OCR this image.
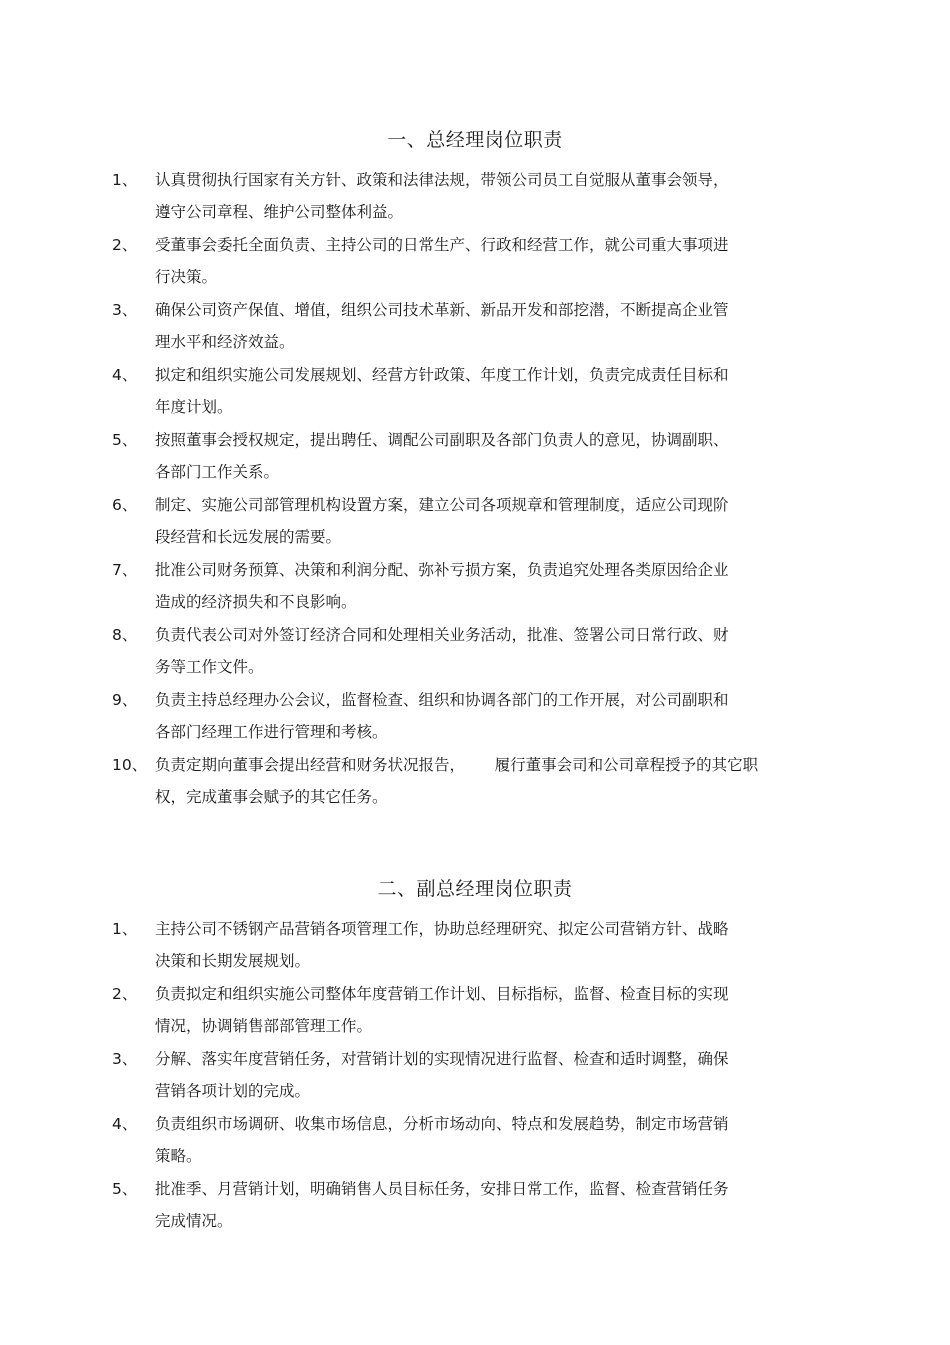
一、总经理岗位职责
1、 认真贯彻执行国家有关方针、政策和法律法规，带领公司员工自觉服从董事会领导，
遵守公司章程、维护公司整体利益。
2、 受董事会委托全面负责、主持公司的日常生产、行政和经营工作，就公司重大事项进
行决策。
3、 确保公司资产保值、增值，组织公司技术革新、新品开发和部挖潜，不断提高企业管
理水平和经济效益。
4、 拟定和组织实施公司发展规划、经营方针政策、年度工作计划，负责完成责任目标和
年度计划。
5、 按照董事会授权规定，提出聘任、调配公司副职及各部门负责人的意见，协调副职、
各部门工作关系。
6、 制定、实施公司部管理机构设置方案，建立公司各项规章和管理制度，适应公司现阶
段经营和长远发展的需要。
7、 批准公司财务预算、决策和利润分配、弥补亏损方案，负责追究处理各类原因给企业
造成的经济损失和不良影响。
8、 负责代表公司对外签订经济合同和处理相关业务活动，批准、签署公司日常行政、财
务等工作文件。
9、 负责主持总经理办公会议，监督检查、组织和协调各部门的工作开展，对公司副职和
各部门经理工作进行管理和考核。
10、 负责定期向董事会提出经营和财务状况报告，      履行董事会司和公司章程授予的其它职
权，完成董事会赋予的其它任务。
二、副总经理岗位职责
1、 主持公司不锈钢产品营销各项管理工作，协助总经理研究、拟定公司营销方针、战略
决策和长期发展规划。
2、 负责拟定和组织实施公司整体年度营销工作计划、目标指标，监督、检查目标的实现
情况，协调销售部部管理工作。
3、 分解、落实年度营销任务，对营销计划的实现情况进行监督、检查和适时调整，确保
营销各项计划的完成。
4、 负责组织市场调研、收集市场信息，分析市场动向、特点和发展趋势，制定市场营销
策略。
5、 批准季、月营销计划，明确销售人员目标任务，安排日常工作，监督、检查营销任务
完成情况。
